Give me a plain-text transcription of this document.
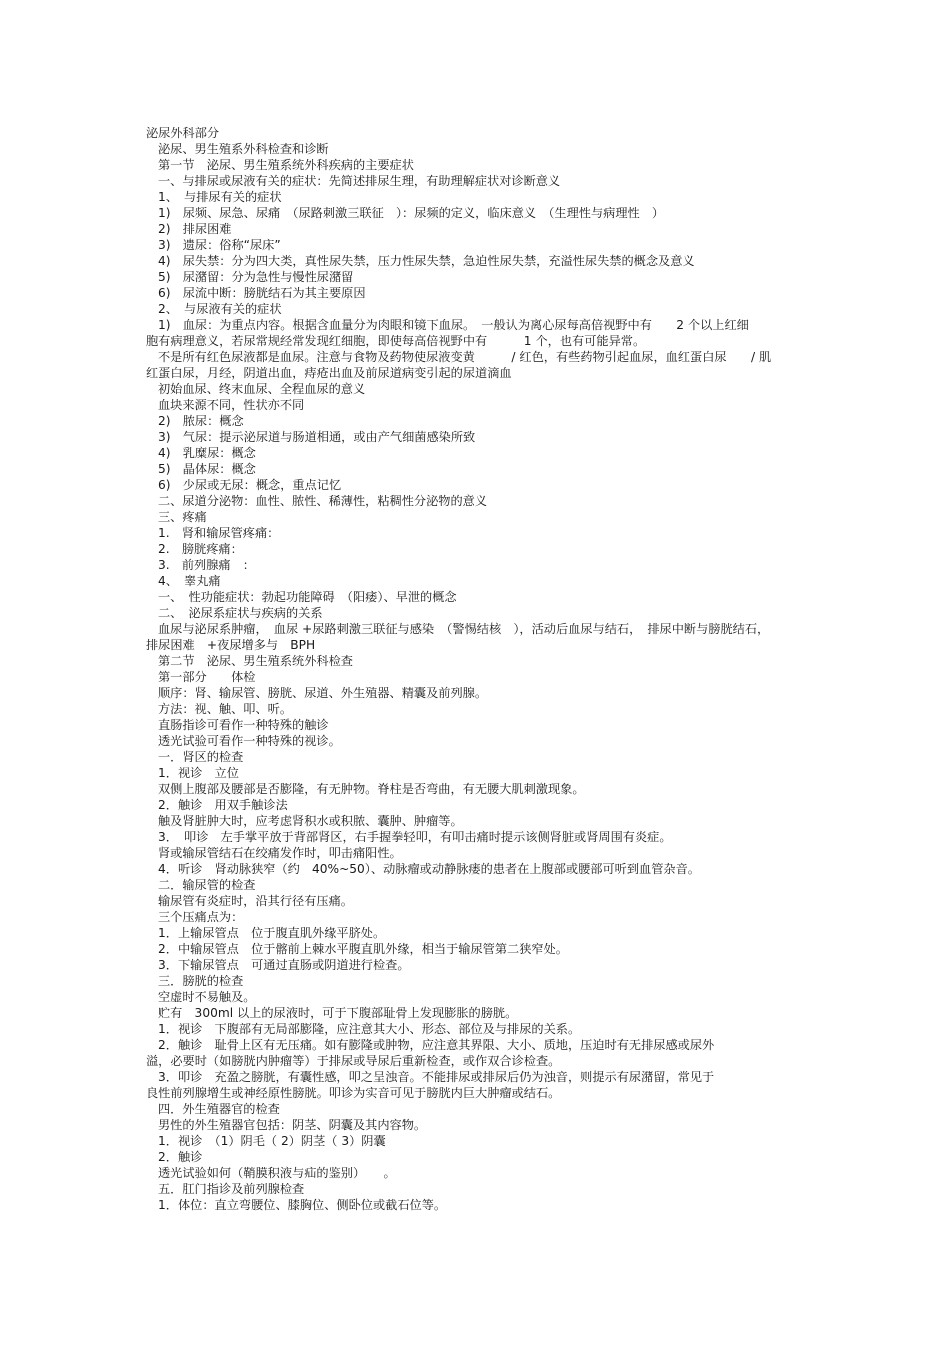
泌尿外科部分
泌尿、男生殖系外科检查和诊断
第一节　泌尿、男生殖系统外科疾病的主要症状
一、与排尿或尿液有关的症状：先简述排尿生理，有助理解症状对诊断意义
1、　与排尿有关的症状
1)　尿频、尿急、尿痛　（尿路刺激三联征　）：尿频的定义，临床意义　（生理性与病理性　）
2)　排尿困难
3)　遗尿：俗称“尿床”
4)　尿失禁：分为四大类，真性尿失禁，压力性尿失禁，急迫性尿失禁，充溢性尿失禁的概念及意义
5)　尿潴留：分为急性与慢性尿潴留
6)　尿流中断：膀胱结石为其主要原因
2、　与尿液有关的症状
1)　血尿：为重点内容。根据含血量分为肉眼和镜下血尿。　一般认为离心尿每高倍视野中有　　2 个以上红细
胞有病理意义，若尿常规经常发现红细胞，即使每高倍视野中有　　　1 个，也有可能异常。
不是所有红色尿液都是血尿。注意与食物及药物使尿液变黄　　　/ 红色，有些药物引起血尿，血红蛋白尿　　/ 肌
红蛋白尿，月经，阴道出血，痔疮出血及前尿道病变引起的尿道滴血
初始血尿、终末血尿、全程血尿的意义
血块来源不同，性状亦不同
2)　脓尿：概念
3)　气尿：提示泌尿道与肠道相通，或由产气细菌感染所致
4)　乳糜尿：概念
5)　晶体尿：概念
6)　少尿或无尿：概念，重点记忆
二、尿道分泌物：血性、脓性、稀薄性，粘稠性分泌物的意义
三、疼痛
1.　肾和输尿管疼痛：
2.　膀胱疼痛：
3.　前列腺痛　：
4、　睾丸痛
一、　性功能症状：勃起功能障碍　（阳痿）、早泄的概念
二、　泌尿系症状与疾病的关系
血尿与泌尿系肿瘤，　血尿 +尿路刺激三联征与感染　（警惕结核　），活动后血尿与结石，　排尿中断与膀胱结石，
排尿困难　+夜尿增多与　BPH
第二节　泌尿、男生殖系统外科检查
第一部分　　体检
顺序：肾、输尿管、膀胱、尿道、外生殖器、精囊及前列腺。
方法：视、触、叩、听。
直肠指诊可看作一种特殊的触诊
透光试验可看作一种特殊的视诊。
一．肾区的检查
1．视诊　立位
双侧上腹部及腰部是否膨隆，有无肿物。脊柱是否弯曲，有无腰大肌刺激现象。
2．触诊　用双手触诊法
触及肾脏肿大时，应考虑肾积水或积脓、囊肿、肿瘤等。
3．　叩诊　左手掌平放于背部肾区，右手握拳轻叩，有叩击痛时提示该侧肾脏或肾周围有炎症。
肾或输尿管结石在绞痛发作时，叩击痛阳性。
4．听诊　肾动脉狭窄（约　40%~50）、动脉瘤或动静脉瘘的患者在上腹部或腰部可听到血管杂音。
二．输尿管的检查
输尿管有炎症时，沿其行径有压痛。
三个压痛点为：
1．上输尿管点　位于腹直肌外缘平脐处。
2．中输尿管点　位于髂前上棘水平腹直肌外缘，相当于输尿管第二狭窄处。
3．下输尿管点　可通过直肠或阴道进行检查。
三．膀胱的检查
空虚时不易触及。
贮有　300ml 以上的尿液时，可于下腹部耻骨上发现膨胀的膀胱。
1．视诊　下腹部有无局部膨隆，应注意其大小、形态、部位及与排尿的关系。
2．触诊　耻骨上区有无压痛。如有膨隆或肿物，应注意其界限、大小、质地，压迫时有无排尿感或尿外
溢，必要时（如膀胱内肿瘤等）于排尿或导尿后重新检查，或作双合诊检查。
3．叩诊　充盈之膀胱，有囊性感，叩之呈浊音。不能排尿或排尿后仍为浊音，则提示有尿潴留，常见于
良性前列腺增生或神经原性膀胱。叩诊为实音可见于膀胱内巨大肿瘤或结石。
四．外生殖器官的检查
男性的外生殖器官包括：阴茎、阴囊及其内容物。
1．视诊　（1）阴毛（ 2）阴茎（ 3）阴囊
2．触诊
透光试验如何（鞘膜积液与疝的鉴别）　　。
五．肛门指诊及前列腺检查
1．体位：直立弯腰位、膝胸位、侧卧位或截石位等。
